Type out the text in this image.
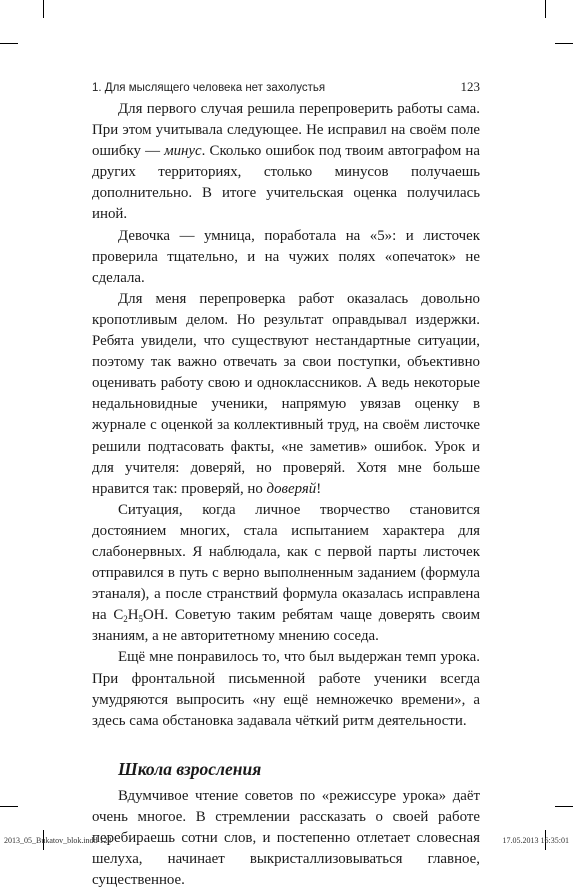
1. Для мыслящего человека нет захолустья	123

Для первого случая решила перепроверить работы сама. При этом учитывала следующее. Не исправил на своём поле ошибку — минус. Сколько ошибок под твоим автографом на других территориях, столько минусов получаешь дополнительно. В итоге учительская оценка получилась иной.

Девочка — умница, поработала на «5»: и листочек проверила тщательно, и на чужих полях «опечаток» не сделала.

Для меня перепроверка работ оказалась довольно кропотливым делом. Но результат оправдывал издержки. Ребята увидели, что существуют нестандартные ситуации, поэтому так важно отвечать за свои поступки, объективно оценивать работу свою и одноклассников. А ведь некоторые недальновидные ученики, напрямую увязав оценку в журнале с оценкой за коллективный труд, на своём листочке решили подтасовать факты, «не заметив» ошибок. Урок и для учителя: доверяй, но проверяй. Хотя мне больше нравится так: проверяй, но доверяй!

Ситуация, когда личное творчество становится достоянием многих, стала испытанием характера для слабонервных. Я наблюдала, как с первой парты листочек отправился в путь с верно выполненным заданием (формула этаналя), а после странствий формула оказалась исправлена на $С_2Н_5ОН$. Советую таким ребятам чаще доверять своим знаниям, а не авторитетному мнению соседа.

Ещё мне понравилось то, что был выдержан темп урока. При фронтальной письменной работе ученики всегда умудряются выпросить «ну ещё немножечко времени», а здесь сама обстановка задавала чёткий ритм деятельности.

Школа взросления

Вдумчивое чтение советов по «режиссуре урока» даёт очень многое. В стремлении рассказать о своей работе перебираешь сотни слов, и постепенно отлетает словесная шелуха, начинает выкристаллизовываться главное, существенное.

2013_05_Bukatov_blok.indd 123	17.05.2013 16:35:01
